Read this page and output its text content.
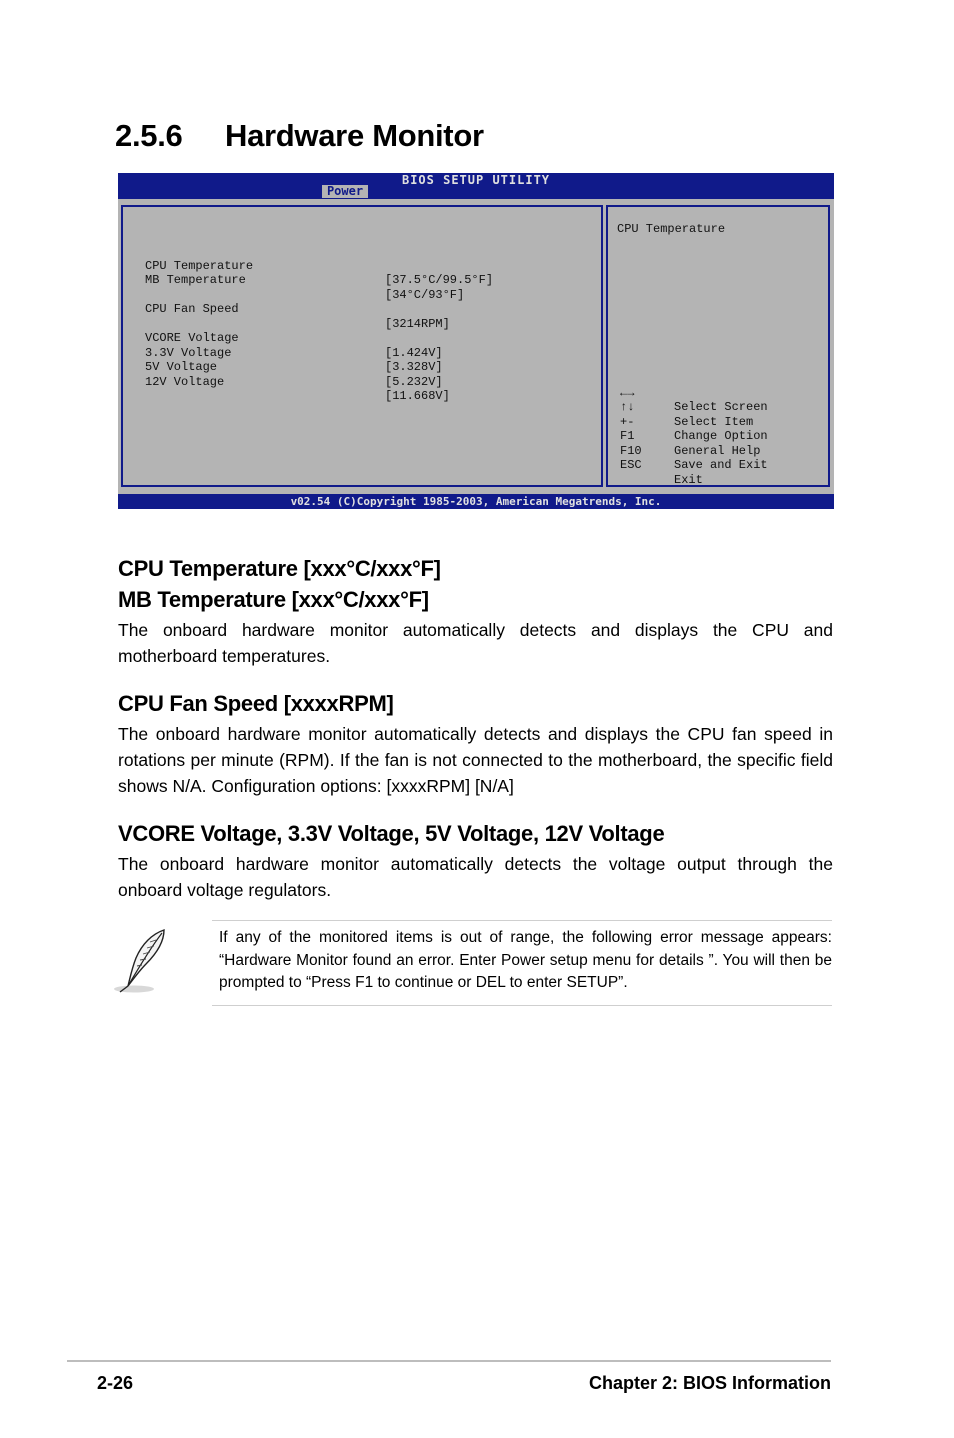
2.5.6 Hardware Monitor
BIOS SETUP UTILITY
Power

CPU Temperature

[37.5°C/99.5°F]

MB Temperature

[34°C/93°F]

CPU Fan Speed

[3214RPM]

VCORE Voltage

[1.424V]

3.3V Voltage

[3.328V]

5V Voltage

[5.232V]

12V Voltage

[11.668V]

CPU Temperature

←→

Select Screen

↑↓

Select Item

+-

Change Option

F1

General Help

F10

Save and Exit

ESC

Exit

v02.54 (C)Copyright 1985-2003, American Megatrends, Inc.
CPU Temperature [xxx°C/xxx°F]
MB Temperature [xxx°C/xxx°F]

The onboard hardware monitor automatically detects and displays the CPU and motherboard temperatures.

CPU Fan Speed [xxxxRPM]

The onboard hardware monitor automatically detects and displays the CPU fan speed in rotations per minute (RPM). If the fan is not connected to the motherboard, the specific field shows N/A. Configuration options: [xxxxRPM] [N/A]

VCORE Voltage, 3.3V Voltage, 5V Voltage, 12V Voltage

The onboard hardware monitor automatically detects the voltage output through the onboard voltage regulators.

If any of the monitored items is out of range, the following error message appears: “Hardware Monitor found an error. Enter Power setup menu for details ”. You will then be prompted to “Press F1 to continue or DEL to enter SETUP”.

2-26	Chapter 2: BIOS Information
